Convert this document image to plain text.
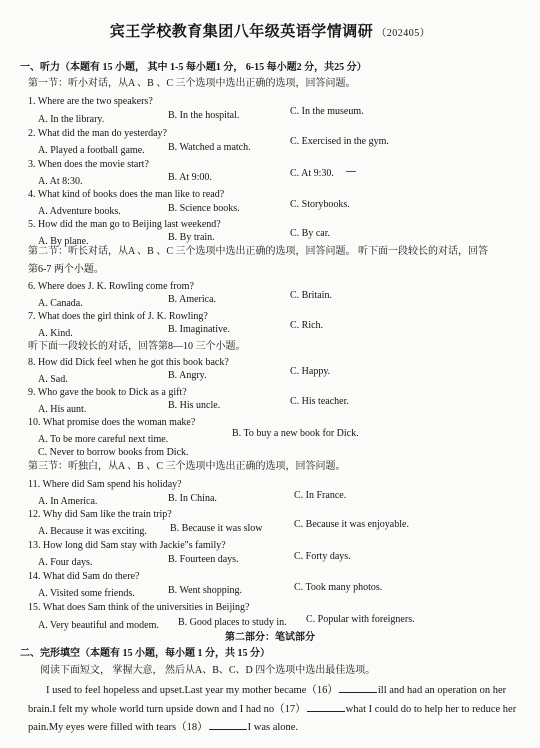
宾王学校教育集团八年级英语学情调研 （202405）
一、听力（本题有 15 小题， 其中 1-5 每小题1 分， 6-15 每小题2 分，共25 分）
第一节：听小对话，从A 、B 、C 三个选项中选出正确的选项，回答问题。
1. Where are the two speakers?
A. In the library.	B. In the hospital.	C. In the museum.
2. What did the man do yesterday?
A. Played a football game. B. Watched a match.
C. Exercised in the gym.
3. When does the movie start?
A. At 8:30.	B. At 9:00.	C. At 9:30.
4. What kind of books does the man like to read?
A. Adventure books.	B. Science books.	C. Storybooks.
5. How did the man go to Beijing last weekend?
A. By plane.	B. By train.	C. By car.
第二节：听长对话，从A 、B 、C 三个选项中选出正确的选项，回答问题。 听下面一段较长的对话，回答
第6-7 两个小题。
6. Where does J. K. Rowling come from?
A. Canada.	B. America.	C. Britain.
7. What does the girl think of J. K. Rowling?
A. Kind.	B. Imaginative.	C. Rich.
听下面一段较长的对话，回答第8—10 三个小题。
8. How did Dick feel when he got this book back?
A. Sad.	B. Angry.	C. Happy.
9. Who gave the book to Dick as a gift?
A. His aunt.	B. His uncle.	C. His teacher.
10. What promise does the woman make?
A. To be more careful next time.
B. To buy a new book for Dick.
C. Never to borrow books from Dick.
第三节：听独白，从A 、B 、C 三个选项中选出正确的选项，回答问题。
11. Where did Sam spend his holiday?
A. In America.	B. In China.	C. In France.
12. Why did Sam like the train trip?
A. Because it was exciting. B. Because it was slow	C. Because it was enjoyable.
13. How long did Sam stay with Jackie"s family?
A. Four days.	B. Fourteen days.	C. Forty days.
14. What did Sam do there?
A. Visited some friends.	B. Went shopping.	C. Took many photos.
15. What does Sam think of the universities in Beijing?
A. Very beautiful and modem. B. Good places to study in. C. Popular with foreigners.
第二部分：笔试部分
二、完形填空（本题有 15 小题，每小题 1 分，共 15 分）
阅读下面短文， 掌握大意， 然后从A、B、C、D 四个选项中选出最佳选项。
I used to feel hopeless and upset.Last year my mother became（16）	ill and had an operation on her
brain.I felt my whole world turn upside down and I had no（17）	what I could do to help her to reduce her
pain.My eyes were filled with tears（18）	I was alone.
